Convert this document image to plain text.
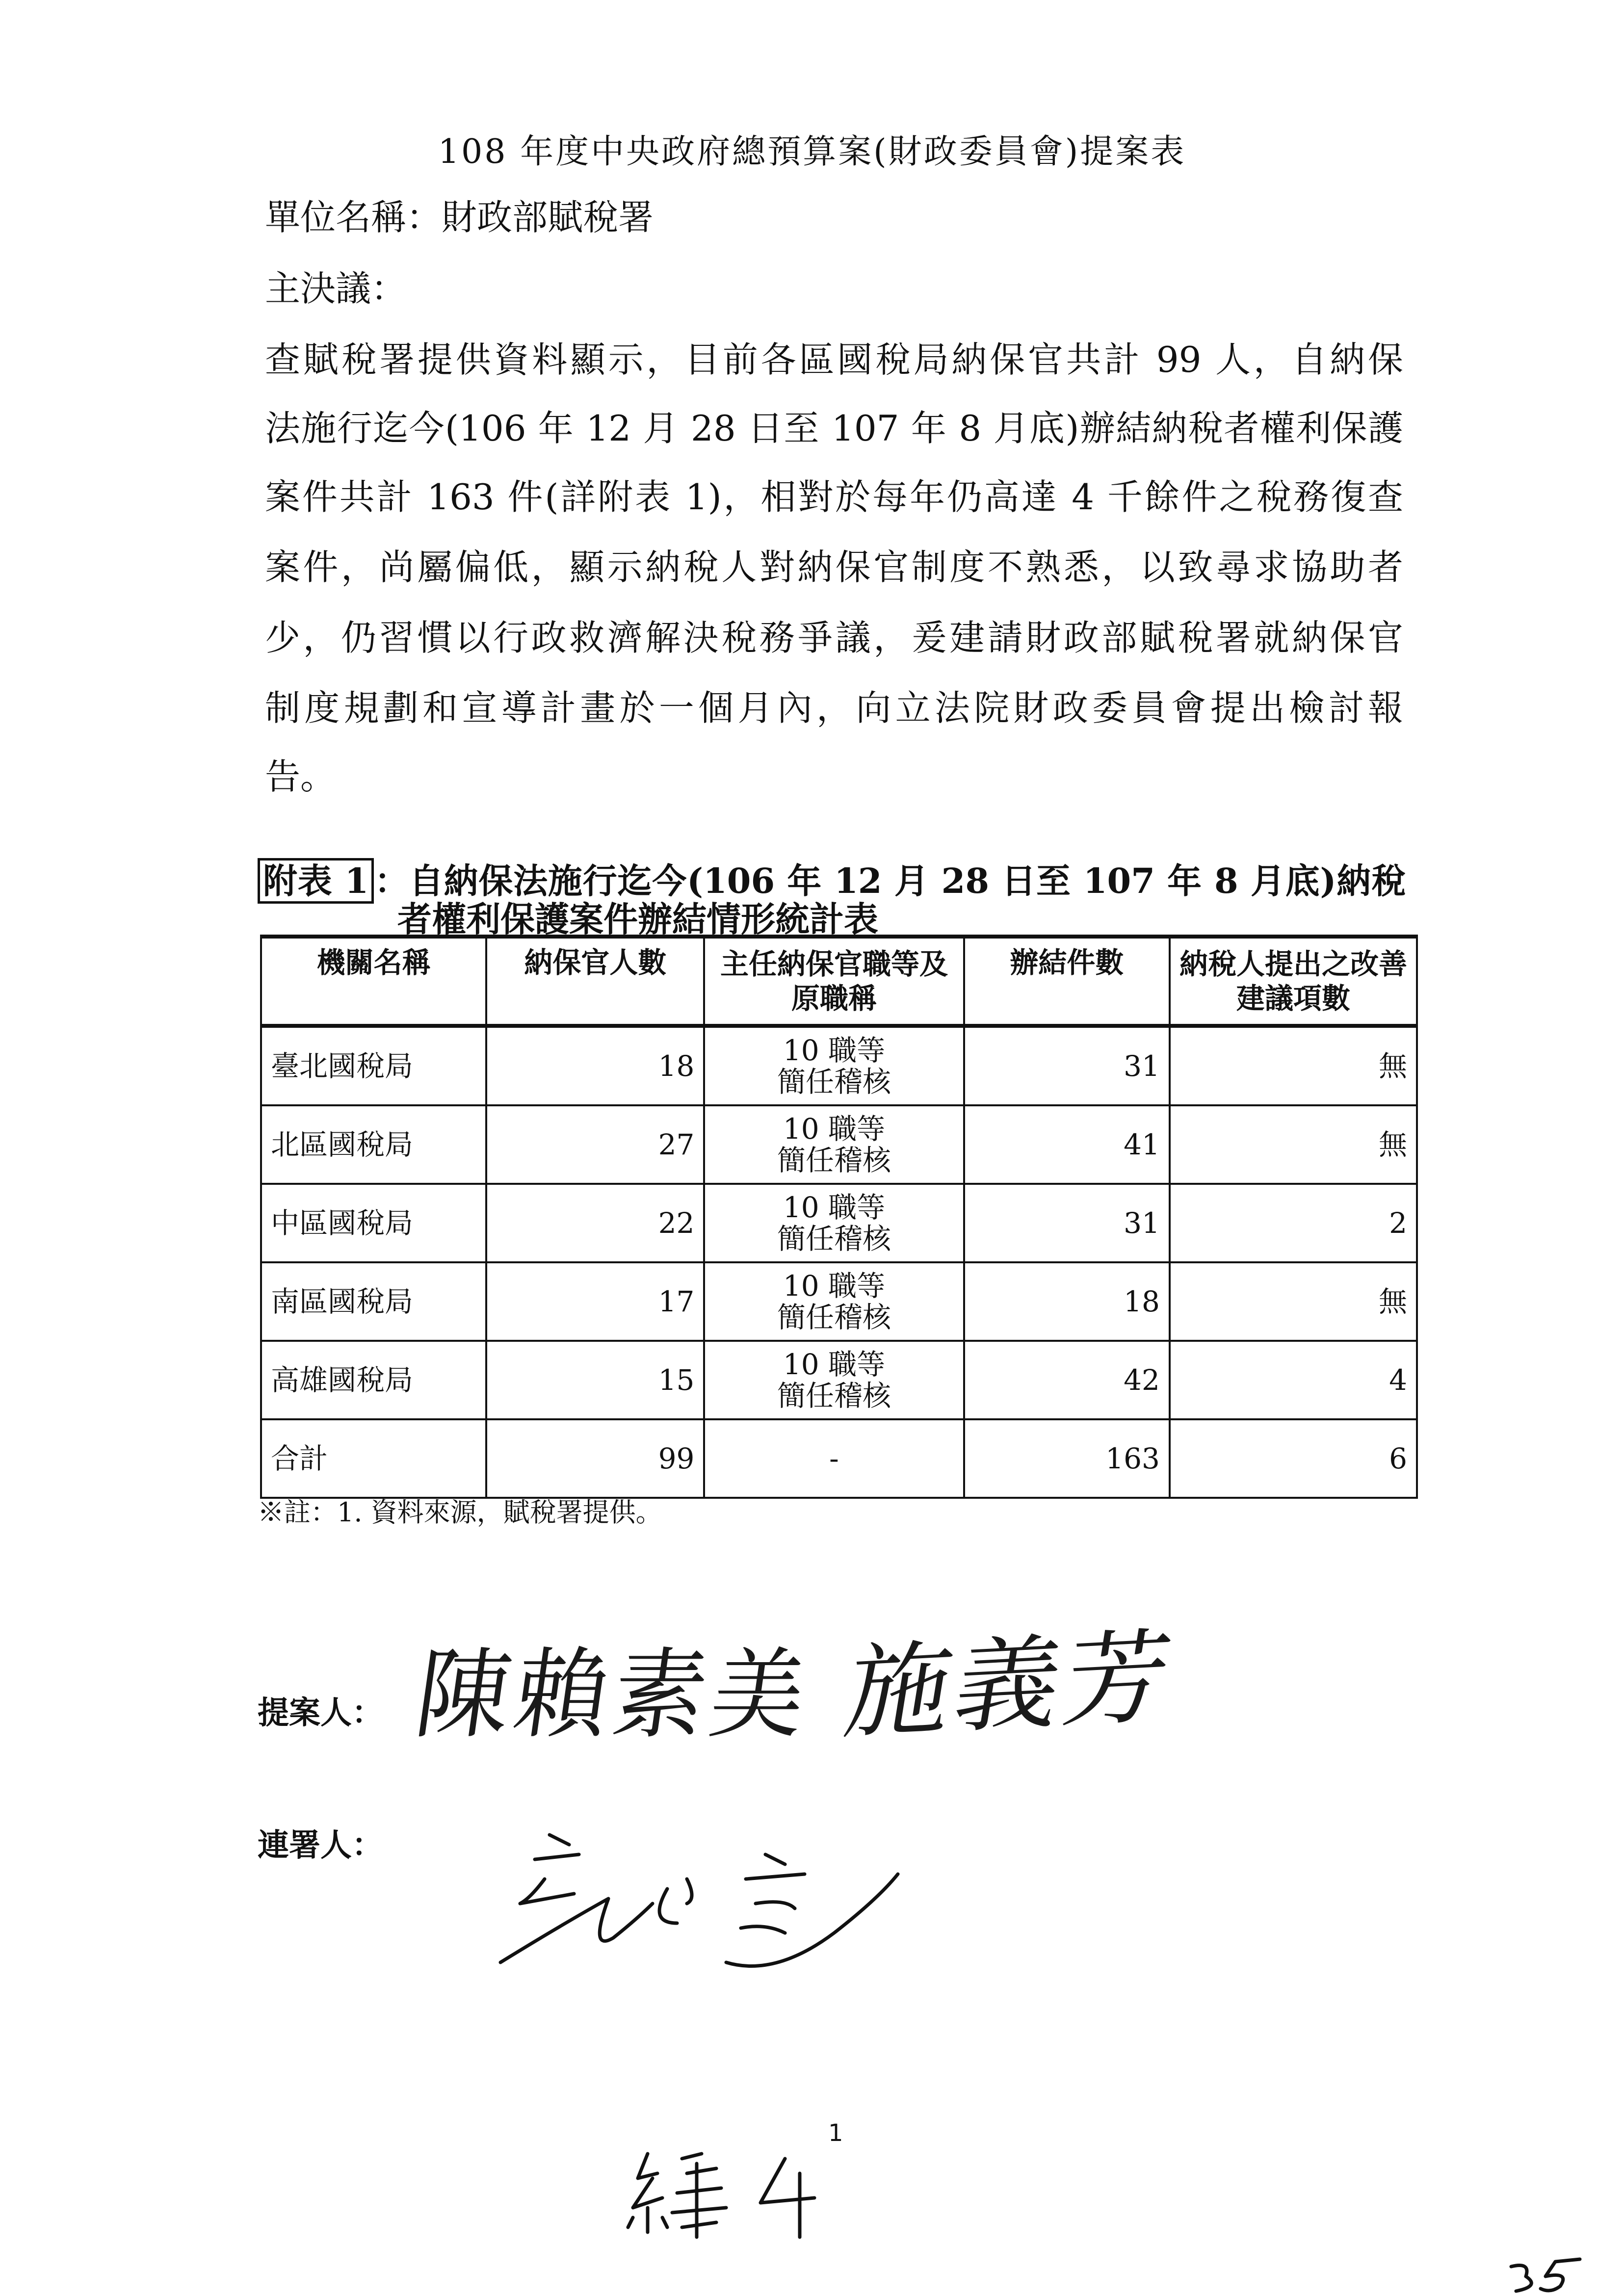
108 年度中央政府總預算案(財政委員會)提案表
單位名稱：財政部賦稅署
主決議：
查賦稅署提供資料顯示，目前各區國稅局納保官共計 99 人，自納保
法施行迄今(106 年 12 月 28 日至 107 年 8 月底)辦結納稅者權利保護
案件共計 163 件(詳附表 1)，相對於每年仍高達 4 千餘件之稅務復查
案件，尚屬偏低，顯示納稅人對納保官制度不熟悉，以致尋求協助者
少，仍習慣以行政救濟解決稅務爭議，爰建請財政部賦稅署就納保官
制度規劃和宣導計畫於一個月內，向立法院財政委員會提出檢討報
告。
附表 1 ：自納保法施行迄今(106 年 12 月 28 日至 107 年 8 月底)納稅
者權利保護案件辦結情形統計表
機關名稱	納保官人數	主任納保官職等及原職稱	辦結件數	納稅人提出之改善建議項數
臺北國稅局	18	10 職等
簡任稽核	31	無
北區國稅局	27	10 職等
簡任稽核	41	無
中區國稅局	22	10 職等
簡任稽核	31	2
南區國稅局	17	10 職等
簡任稽核	18	無
高雄國稅局	15	10 職等
簡任稽核	42	4
合計	99	-	163	6
※註：1. 資料來源，賦稅署提供。
提案人： 陳賴素美 施義芳
連署人：
1
